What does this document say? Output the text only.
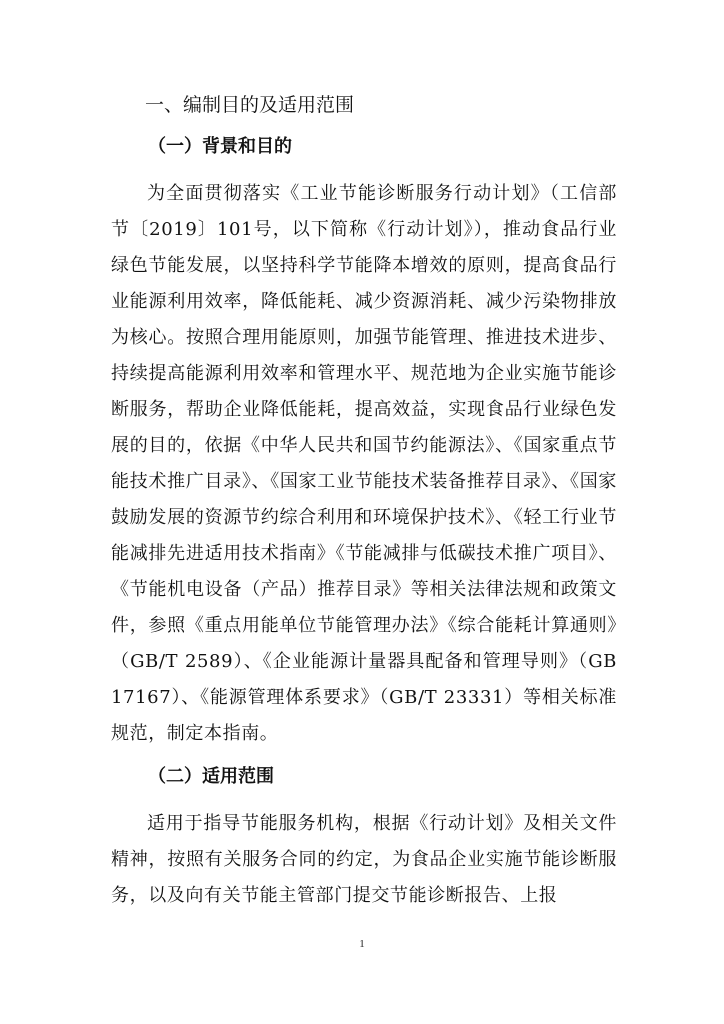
一、编制目的及适用范围
（一）背景和目的

为全面贯彻落实《工业节能诊断服务行动计划》（工信部节〔2019〕101号，以下简称《行动计划》），推动食品行业绿色节能发展，以坚持科学节能降本增效的原则，提高食品行业能源利用效率，降低能耗、减少资源消耗、减少污染物排放为核心。按照合理用能原则，加强节能管理、推进技术进步、持续提高能源利用效率和管理水平、规范地为企业实施节能诊断服务，帮助企业降低能耗，提高效益，实现食品行业绿色发展的目的，依据《中华人民共和国节约能源法》、《国家重点节能技术推广目录》、《国家工业节能技术装备推荐目录》、《国家鼓励发展的资源节约综合利用和环境保护技术》、《轻工行业节能减排先进适用技术指南》《节能减排与低碳技术推广项目》、《节能机电设备（产品）推荐目录》等相关法律法规和政策文件，参照《重点用能单位节能管理办法》《综合能耗计算通则》（GB/T 2589）、《企业能源计量器具配备和管理导则》（GB 17167）、《能源管理体系要求》（GB/T 23331）等相关标准规范，制定本指南。

（二）适用范围

适用于指导节能服务机构，根据《行动计划》及相关文件精神，按照有关服务合同的约定，为食品企业实施节能诊断服务，以及向有关节能主管部门提交节能诊断报告、上报

1
